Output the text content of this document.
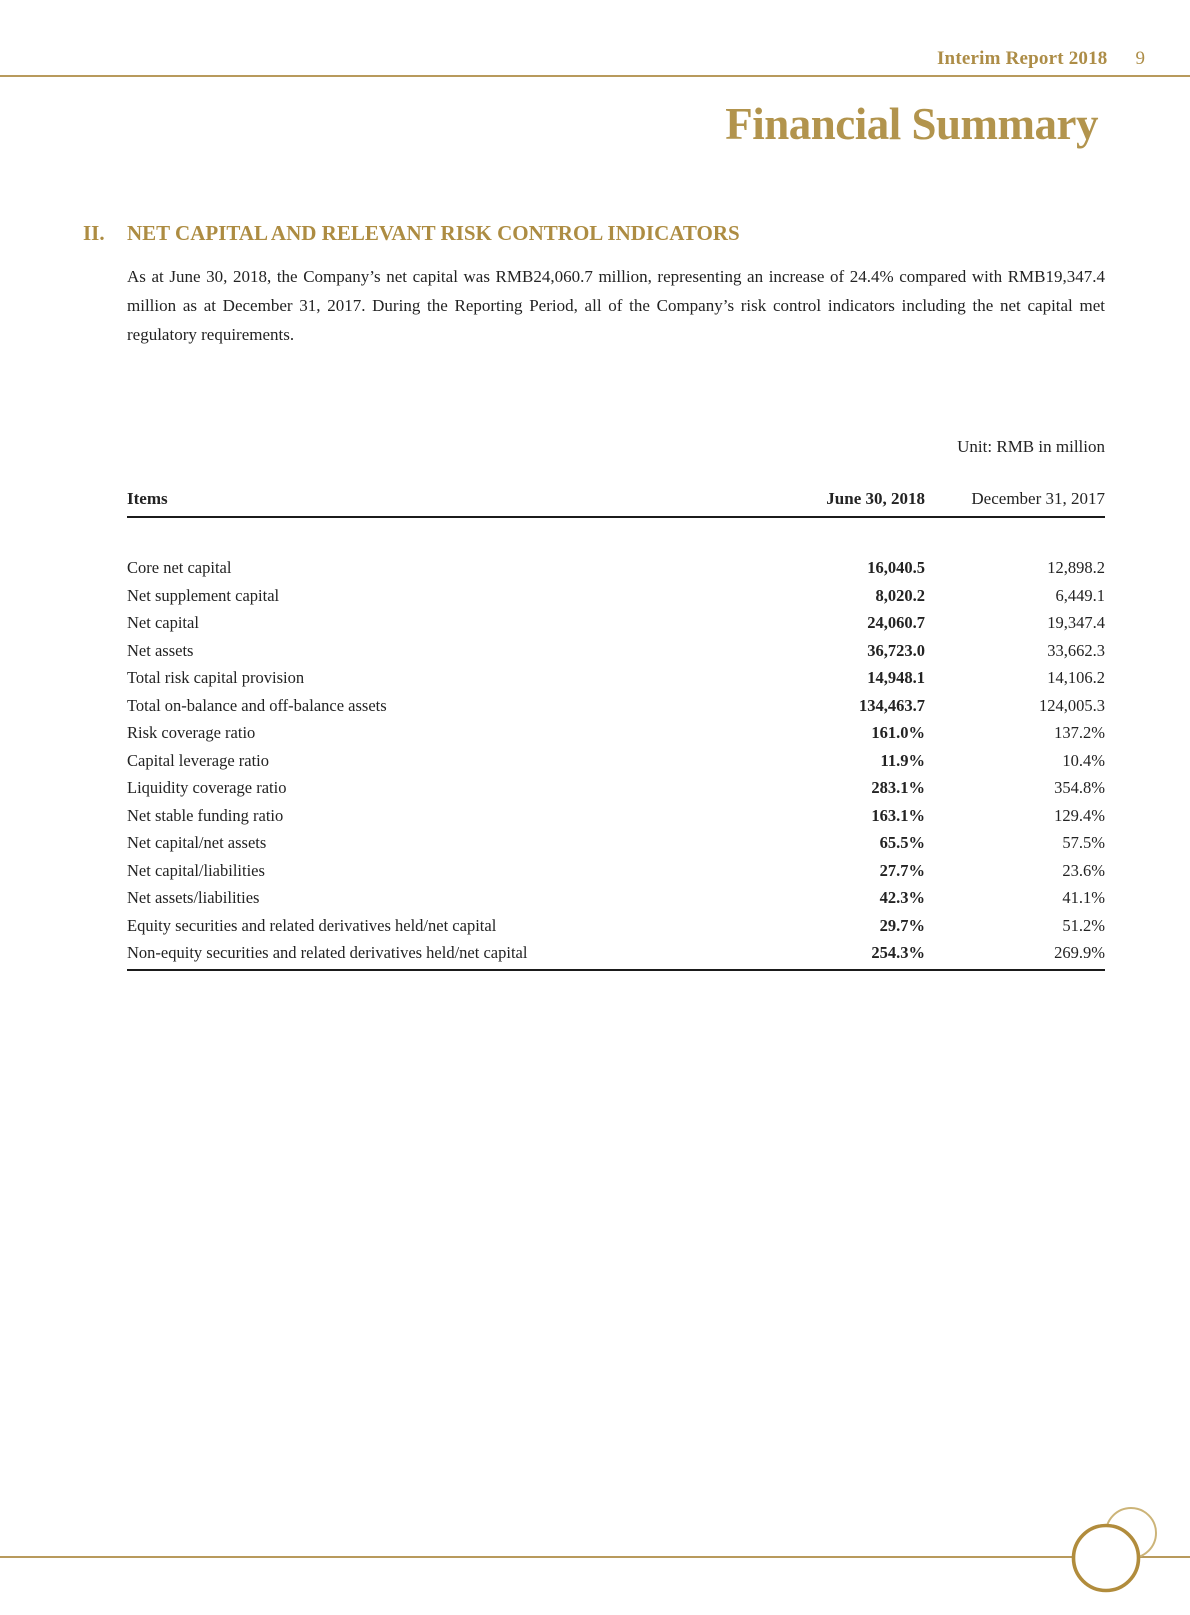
Interim Report 2018 9
Financial Summary
II.	NET CAPITAL AND RELEVANT RISK CONTROL INDICATORS

As at June 30, 2018, the Company’s net capital was RMB24,060.7 million, representing an increase of 24.4% compared with RMB19,347.4 million as at December 31, 2017. During the Reporting Period, all of the Company’s risk control indicators including the net capital met regulatory requirements.

Unit: RMB in million
Items	June 30, 2018	December 31, 2017
Core net capital	16,040.5	12,898.2
Net supplement capital	8,020.2	6,449.1
Net capital	24,060.7	19,347.4
Net assets	36,723.0	33,662.3
Total risk capital provision	14,948.1	14,106.2
Total on-balance and off-balance assets	134,463.7	124,005.3
Risk coverage ratio	161.0%	137.2%
Capital leverage ratio	11.9%	10.4%
Liquidity coverage ratio	283.1%	354.8%
Net stable funding ratio	163.1%	129.4%
Net capital/net assets	65.5%	57.5%
Net capital/liabilities	27.7%	23.6%
Net assets/liabilities	42.3%	41.1%
Equity securities and related derivatives held/net capital	29.7%	51.2%
Non-equity securities and related derivatives held/net capital	254.3%	269.9%
